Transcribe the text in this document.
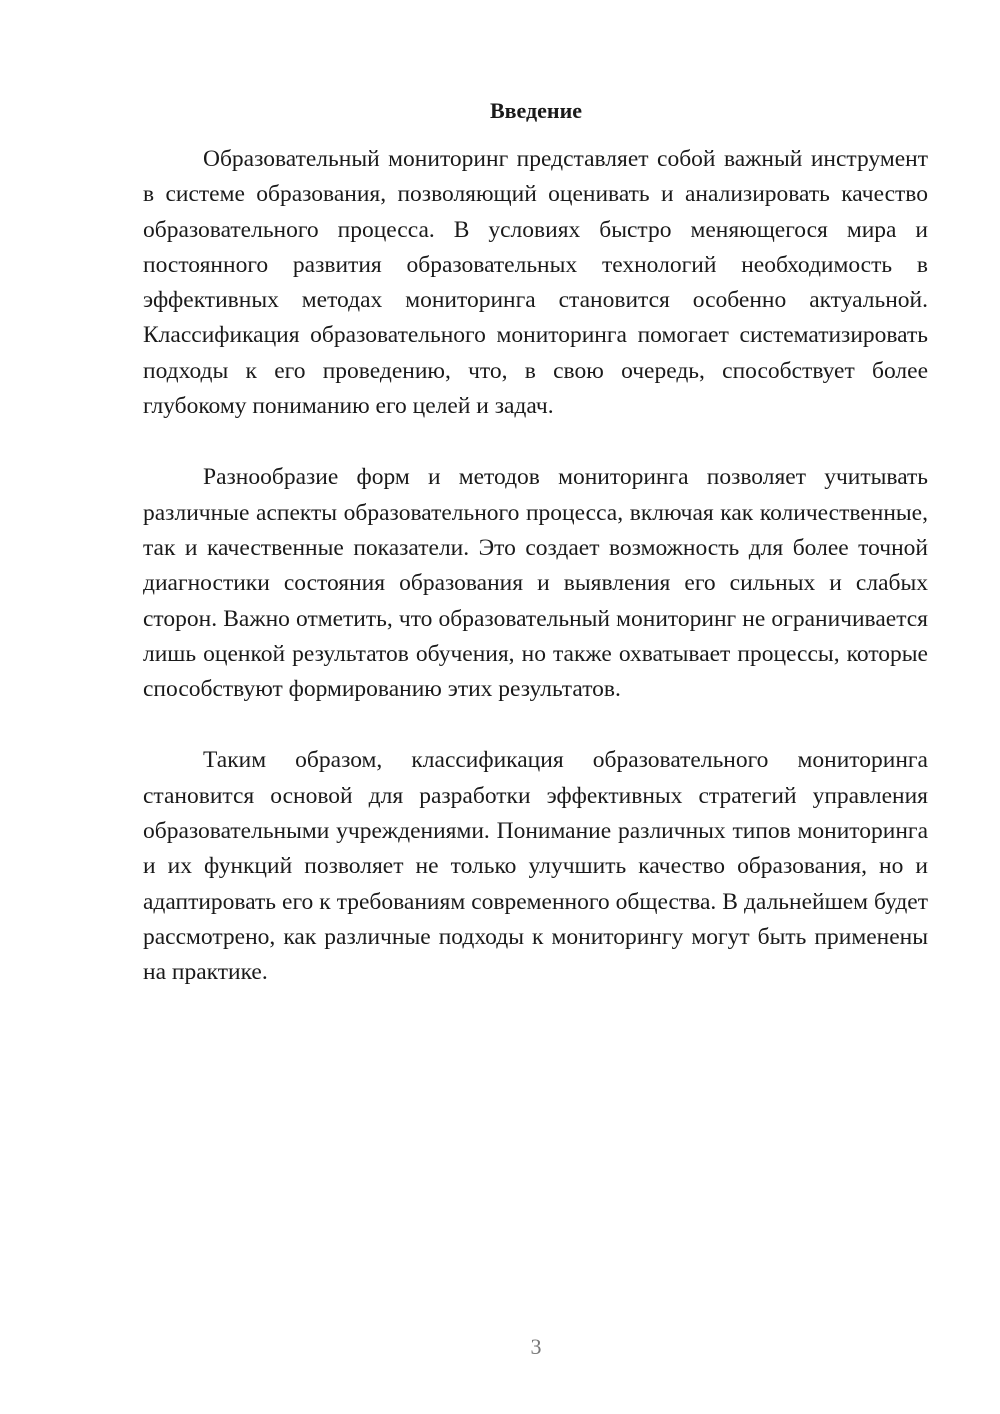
Введение

Образовательный мониторинг представляет собой важный инструмент в системе образования, позволяющий оценивать и анализировать качество образовательного процесса. В условиях быстро меняющегося мира и постоянного развития образовательных технологий необходимость в эффективных методах мониторинга становится особенно актуальной. Классификация образовательного мониторинга помогает систематизировать подходы к его проведению, что, в свою очередь, способствует более глубокому пониманию его целей и задач.

Разнообразие форм и методов мониторинга позволяет учитывать различные аспекты образовательного процесса, включая как количественные, так и качественные показатели. Это создает возможность для более точной диагностики состояния образования и выявления его сильных и слабых сторон. Важно отметить, что образовательный мониторинг не ограничивается лишь оценкой результатов обучения, но также охватывает процессы, которые способствуют формированию этих результатов.

Таким образом, классификация образовательного мониторинга становится основой для разработки эффективных стратегий управления образовательными учреждениями. Понимание различных типов мониторинга и их функций позволяет не только улучшить качество образования, но и адаптировать его к требованиям современного общества. В дальнейшем будет рассмотрено, как различные подходы к мониторингу могут быть применены на практике.

3
